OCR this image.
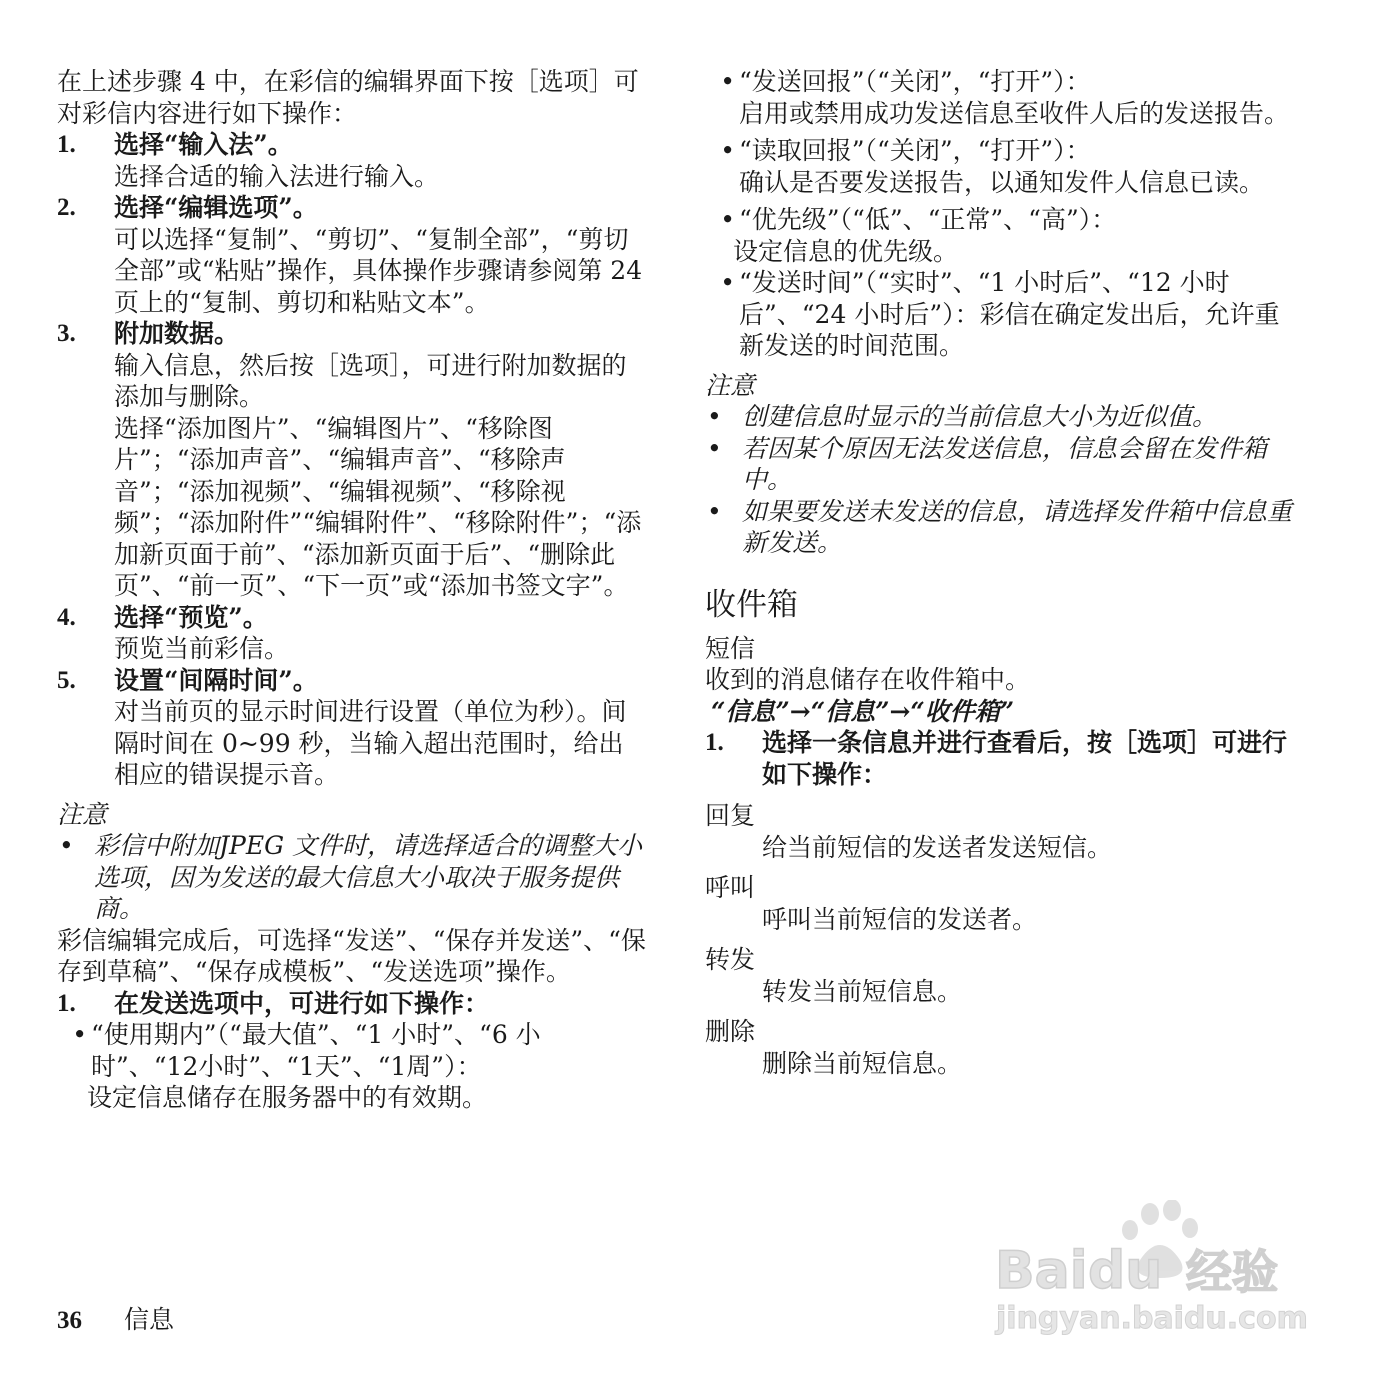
在上述步骤 4 中，在彩信的编辑界面下按［选项］可对彩信内容进行如下操作：

1.	选择“输入法”。

选择合适的输入法进行输入。

2.	选择“编辑选项”。

可以选择“复制”、“剪切”、“复制全部”，“剪切全部”或“粘贴”操作，具体操作步骤请参阅第 24 页上的“复制、剪切和粘贴文本”。

3.	附加数据。

输入信息，然后按［选项］，可进行附加数据的添加与删除。

选择“添加图片”、“编辑图片”、“移除图片”；“添加声音”、“编辑声音”、“移除声音”；“添加视频”、“编辑视频”、“移除视频”；“添加附件”“编辑附件”、“移除附件”；“添加新页面于前”、“添加新页面于后”、“删除此页”、“前一页”、“下一页”或“添加书签文字”。

4.	选择“预览”。

预览当前彩信。

5.	设置“间隔时间”。

对当前页的显示时间进行设置（单位为秒）。间隔时间在 0~99 秒，当输入超出范围时，给出相应的错误提示音。

注意

• 彩信中附加JPEG 文件时，请选择适合的调整大小选项，因为发送的最大信息大小取决于服务提供商。

彩信编辑完成后，可选择“发送”、“保存并发送”、“保存到草稿”、“保存成模板”、“发送选项”操作。

1.	在发送选项中，可进行如下操作：
• “使用期内”（“最大值”、“1 小时”、“6 小时”、“12小时”、“1天”、“1周”）：

设定信息储存在服务器中的有效期。

• “发送回报”（“关闭”，“打开”）：

启用或禁用成功发送信息至收件人后的发送报告。

• “读取回报”（“关闭”，“打开”）：

确认是否要发送报告，以通知发件人信息已读。

• “优先级”（“低”、“正常”、“高”）：

设定信息的优先级。

• “发送时间”（“实时”、“1 小时后”、“12 小时后”、“24 小时后”）：彩信在确定发出后，允许重新发送的时间范围。

注意

• 创建信息时显示的当前信息大小为近似值。
• 若因某个原因无法发送信息，信息会留在发件箱中。
• 如果要发送未发送的信息，请选择发件箱中信息重新发送。

收件箱

短信

收到的消息储存在收件箱中。

“信息”→“信息”→“收件箱”

1.	选择一条信息并进行查看后，按［选项］可进行如下操作：

回复

给当前短信的发送者发送短信。

呼叫

呼叫当前短信的发送者。

转发

转发当前短信息。

删除

删除当前短信息。

36 信息
Bai du 经验
jingyan.baidu.com
